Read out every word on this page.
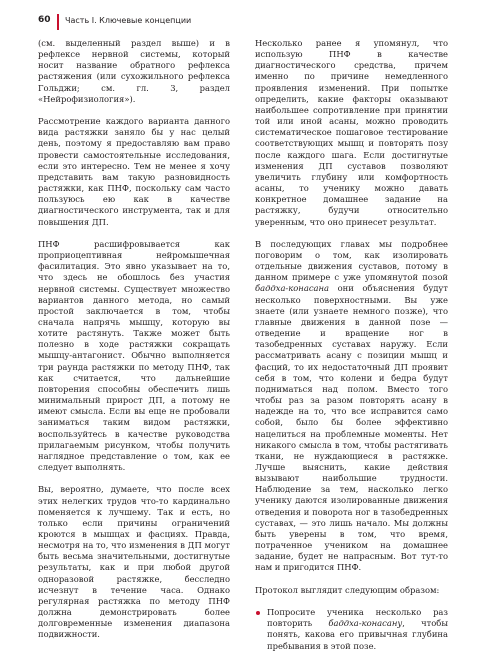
60 Часть I. Ключевые концепции

(см. выделенный раздел выше) и в рефлексе нервной системы, который носит название обратного рефлекса растяжения (или сухожильного рефлекса Гольджи; см. гл. 3, раздел «Нейрофизиология»).

Рассмотрение каждого варианта данного вида растяжки заняло бы у нас целый день, поэтому я предоставляю вам право провести самостоятельные исследования, если это интересно. Тем не менее я хочу представить вам такую разновидность растяжки, как ПНФ, поскольку сам часто пользуюсь ею как в качестве диагностического инструмента, так и для повышения ДП.

ПНФ расшифровывается как проприоцептивная нейромышечная фасилитация. Это явно указывает на то, что здесь не обошлось без участия нервной системы. Существует множество вариантов данного метода, но самый простой заключается в том, чтобы сначала напрячь мышцу, которую вы хотите растянуть. Также может быть полезно в ходе растяжки сокращать мышцу-антагонист. Обычно выполняется три раунда растяжки по методу ПНФ, так как считается, что дальнейшие повторения способны обеспечить лишь минимальный прирост ДП, а потому не имеют смысла. Если вы еще не пробовали заниматься таким видом растяжки, воспользуйтесь в качестве руководства прилагаемым рисунком, чтобы получить наглядное представление о том, как ее следует выполнять.

Вы, вероятно, думаете, что после всех этих нелегких трудов что-то кардинально поменяется к лучшему. Так и есть, но только если причины ограничений кроются в мышцах и фасциях. Правда, несмотря на то, что изменения в ДП могут быть весьма значительными, достигнутые результаты, как и при любой другой одноразовой растяжке, бесследно исчезнут в течение часа. Однако регулярная растяжка по методу ПНФ должна демонстрировать более долговременные изменения диапазона подвижности.

Несколько ранее я упомянул, что использую ПНФ в качестве диагностического средства, причем именно по причине немедленного проявления изменений. При попытке определить, какие факторы оказывают наибольшее сопротивление при принятии той или иной асаны, можно проводить систематическое пошаговое тестирование соответствующих мышц и повторять позу после каждого шага. Если достигнутые изменения ДП суставов позволяют увеличить глубину или комфортность асаны, то ученику можно давать конкретное домашнее задание на растяжку, будучи относительно уверенным, что оно принесет результат.

В последующих главах мы подробнее поговорим о том, как изолировать отдельные движения суставов, потому в данном примере с уже упомянутой позой баддха-конасана они объяснения будут несколько поверхностными. Вы уже знаете (или узнаете немного позже), что главные движения в данной позе — отведение и вращение ног в тазобедренных суставах наружу. Если рассматривать асану с позиции мышц и фасций, то их недостаточный ДП проявит себя в том, что колени и бедра будут подниматься над полом. Вместо того чтобы раз за разом повторять асану в надежде на то, что все исправится само собой, было бы более эффективно нацелиться на проблемные моменты. Нет никакого смысла в том, чтобы растягивать ткани, не нуждающиеся в растяжке. Лучше выяснить, какие действия вызывают наибольшие трудности. Наблюдение за тем, насколько легко ученику даются изолированные движения отведения и поворота ног в тазобедренных суставах, — это лишь начало. Мы должны быть уверены в том, что время, потраченное учеником на домашнее задание, будет не напрасным. Вот тут-то нам и пригодится ПНФ.

Протокол выглядит следующим образом:

Попросите ученика несколько раз повторить баддха-конасану, чтобы понять, какова его привычная глубина пребывания в этой позе.
